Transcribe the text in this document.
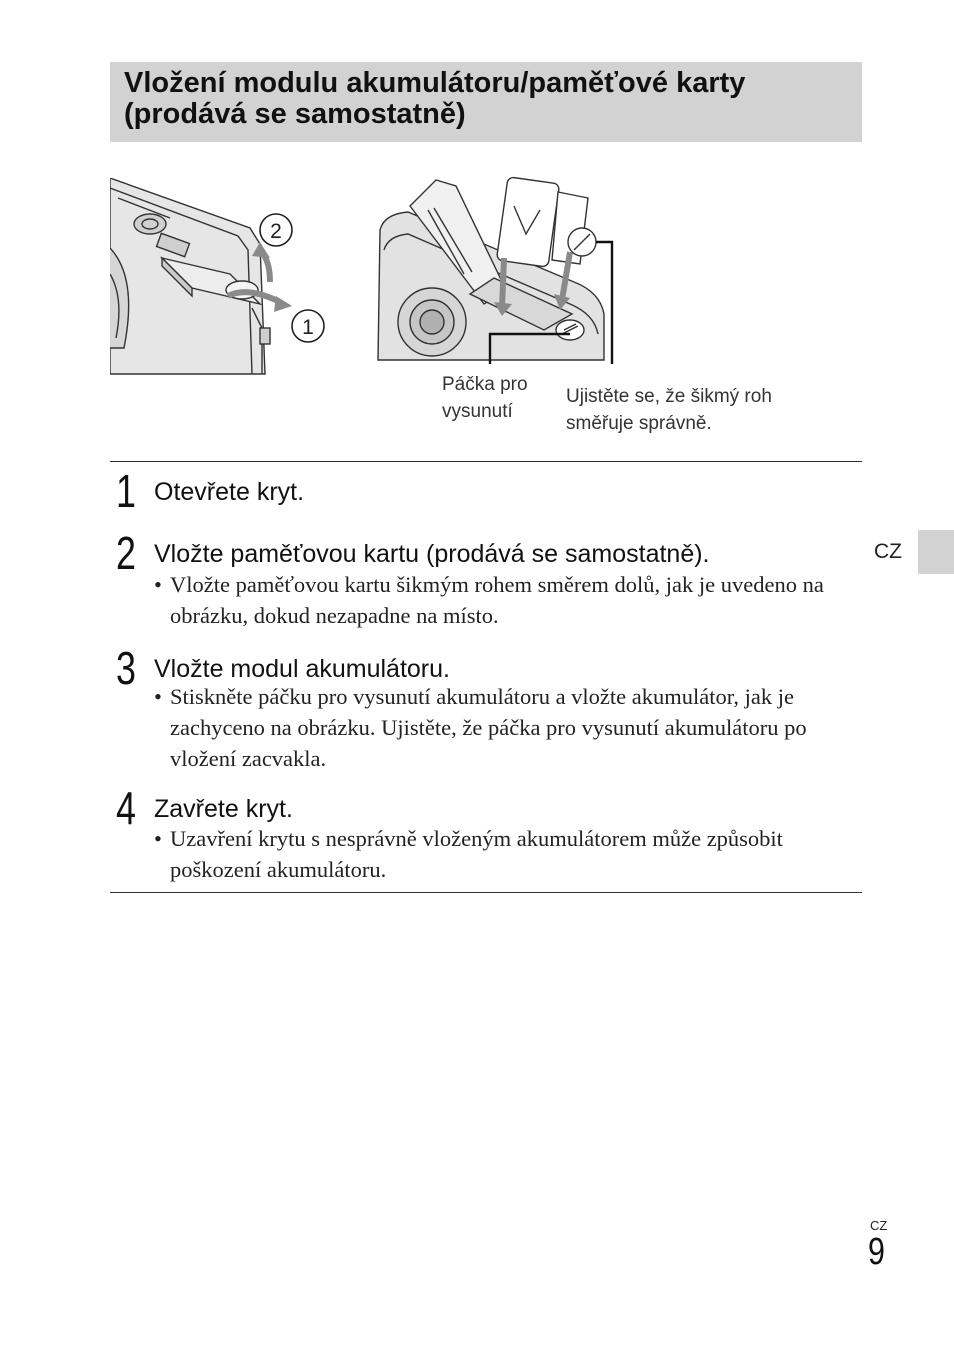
Vložení modulu akumulátoru/paměťové karty (prodává se samostatně)
2
1
Páčka pro
vysunutí
Ujistěte se, že šikmý roh
směřuje správně.
1 Otevřete kryt.
2 Vložte paměťovou kartu (prodává se samostatně).
• Vložte paměťovou kartu šikmým rohem směrem dolů, jak je uvedeno na obrázku, dokud nezapadne na místo.
3 Vložte modul akumulátoru.
• Stiskněte páčku pro vysunutí akumulátoru a vložte akumulátor, jak je zachyceno na obrázku. Ujistěte, že páčka pro vysunutí akumulátoru po vložení zacvakla.
4 Zavřete kryt.
• Uzavření krytu s nesprávně vloženým akumulátorem může způsobit poškození akumulátoru.
CZ
CZ
9
